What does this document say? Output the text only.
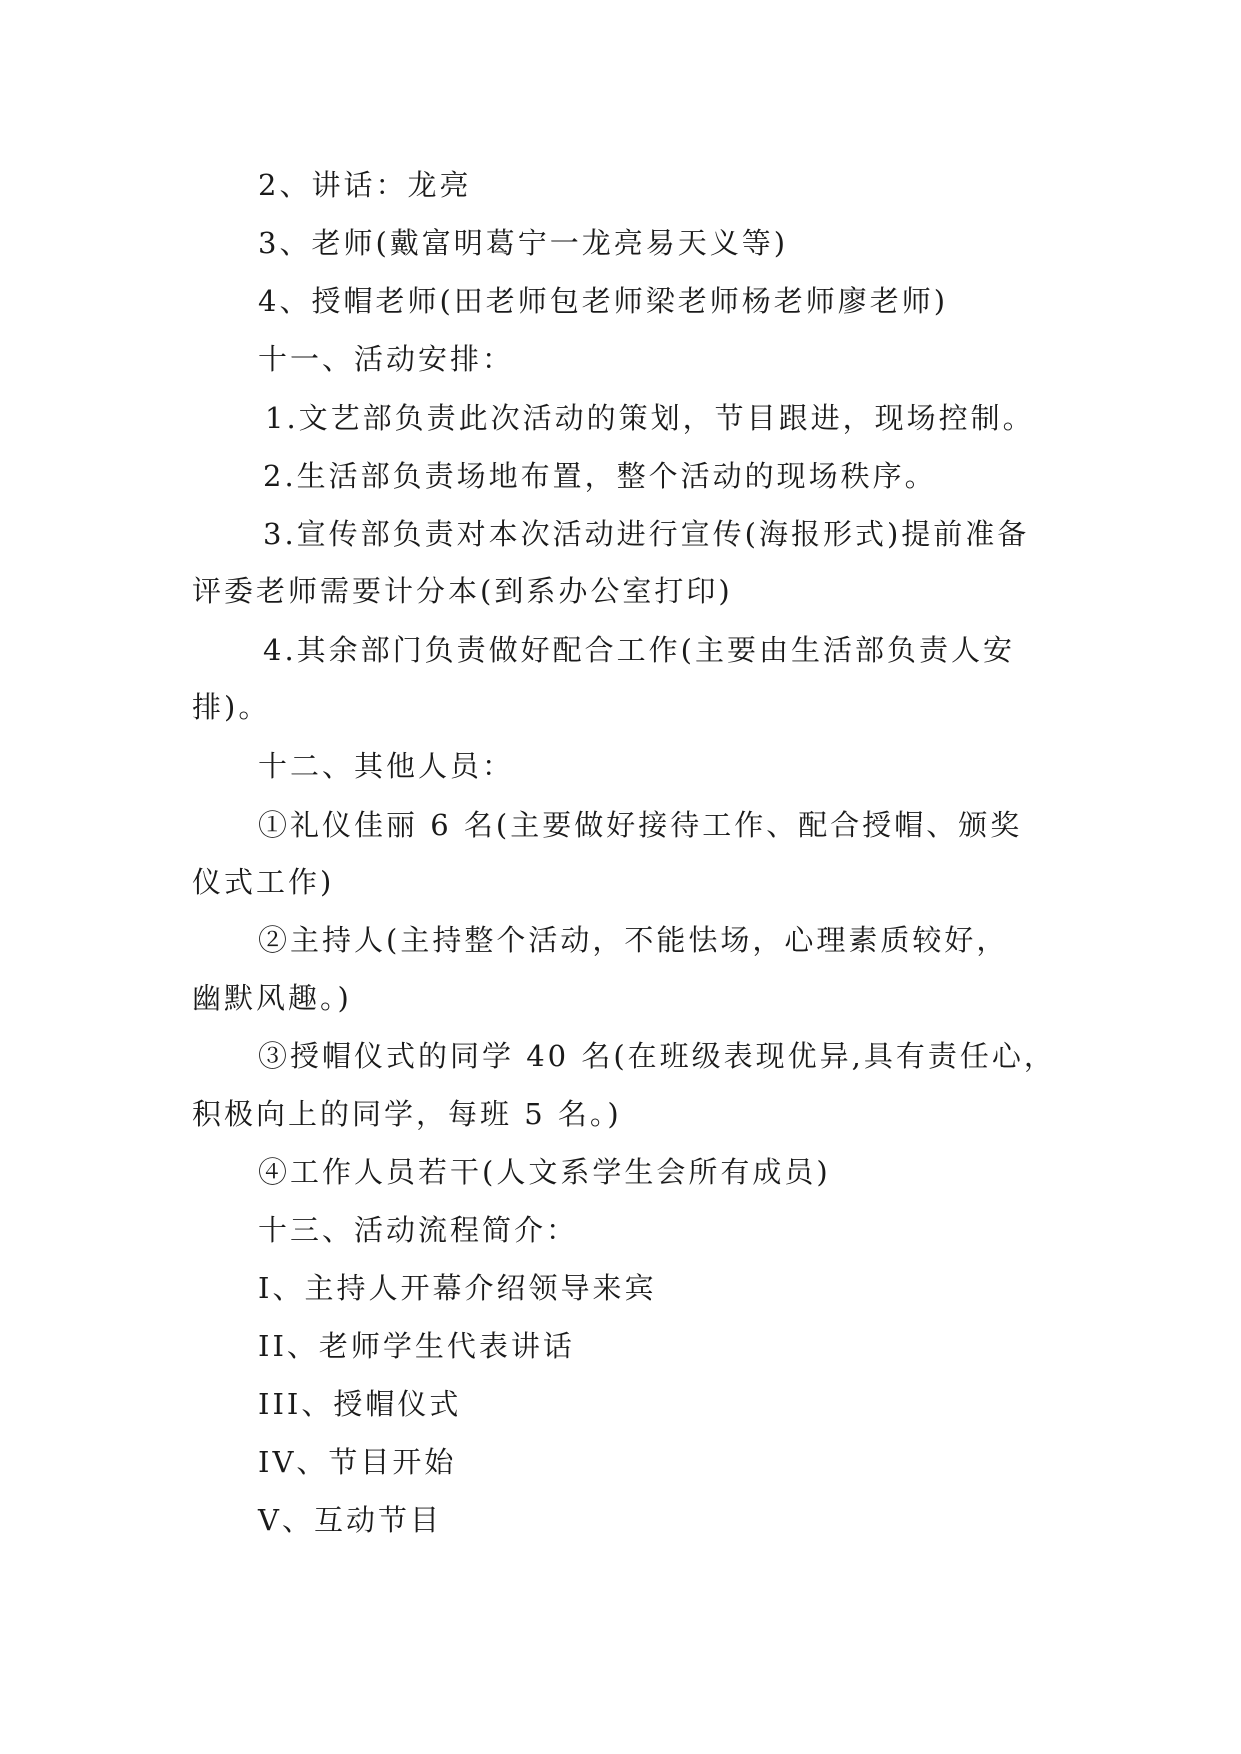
2、讲话：龙亮
3、老师(戴富明葛宁一龙亮易天义等)
4、授帽老师(田老师包老师梁老师杨老师廖老师)
十一、活动安排：
1.文艺部负责此次活动的策划，节目跟进，现场控制。
2.生活部负责场地布置，整个活动的现场秩序。
3.宣传部负责对本次活动进行宣传(海报形式)提前准备
评委老师需要计分本(到系办公室打印)
4.其余部门负责做好配合工作(主要由生活部负责人安
排)。
十二、其他人员：
①礼仪佳丽 6 名(主要做好接待工作、配合授帽、颁奖
仪式工作)
②主持人(主持整个活动，不能怯场，心理素质较好，
幽默风趣。)
③授帽仪式的同学 40 名(在班级表现优异,具有责任心，
积极向上的同学，每班 5 名。)
④工作人员若干(人文系学生会所有成员)
十三、活动流程简介：
I、主持人开幕介绍领导来宾
II、老师学生代表讲话
III、授帽仪式
IV、节目开始
V、互动节目
